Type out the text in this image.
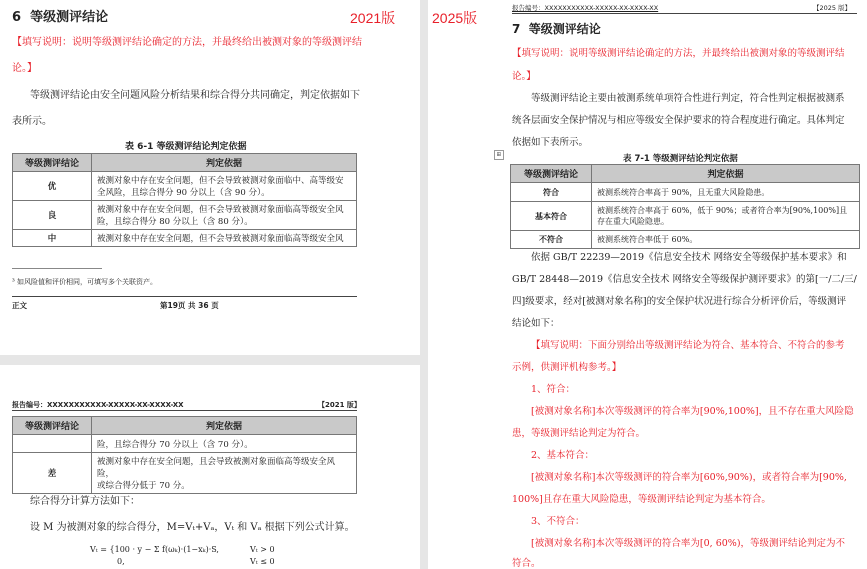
6 等级测评结论	2021版
【填写说明：说明等级测评结论确定的方法，并最终给出被测对象的等级测评结
论。】
等级测评结论由安全问题风险分析结果和综合得分共同确定，判定依据如下
表所示。
表 6-1 等级测评结论判定依据
等级测评结论	判定依据
优	被测对象中存在安全问题，但不会导致被测对象面临中、高等级安
全风险，且综合得分 90 分以上（含 90 分）。

良	被测对象中存在安全问题，但不会导致被测对象面临高等级安全风
险，且综合得分 80 分以上（含 80 分）。

中	被测对象中存在安全问题，但不会导致被测对象面临高等级安全风
³ 如风险值和评价相同，可填写多个关联资产。
正文	第19页 共 36 页
报告编号：XXXXXXXXXXX-XXXXX-XX-XXXX-XX	【2021 版】
等级测评结论	判定依据
	险，且综合得分 70 分以上（含 70 分）。
差	被测对象中存在安全问题，且会导致被测对象面临高等级安全风险，
或综合得分低于 70 分。
综合得分计算方法如下：
设 M 为被测对象的综合得分，M=Vₜ+Vₐ，Vₜ 和 Vₐ 根据下列公式计算。
Vₜ = {100 · y − Σ f(ωₖ)·(1−xₖ)·S,
0,
Vₜ > 0
Vₜ ≤ 0
2025版
报告编号：XXXXXXXXXXX-XXXXX-XX-XXXX-XX	【2025 版】
7 等级测评结论
【填写说明：说明等级测评结论确定的方法，并最终给出被测对象的等级测评结
论。】
等级测评结论主要由被测系统单项符合性进行判定，符合性判定根据被测系
统各层面安全保护情况与相应等级安全保护要求的符合程度进行确定。具体判定
依据如下表所示。
⊞	表 7-1 等级测评结论判定依据
等级测评结论	判定依据
符合	被测系统符合率高于 90%，且无重大风险隐患。
基本符合	被测系统符合率高于 60%，低于 90%；或者符合率为[90%,100%]且
存在重大风险隐患。

不符合	被测系统符合率低于 60%。
依据 GB/T 22239—2019《信息安全技术 网络安全等级保护基本要求》和
GB/T 28448—2019《信息安全技术 网络安全等级保护测评要求》的第[一/二/三/
四]级要求，经对[被测对象名称]的安全保护状况进行综合分析评价后，等级测评
结论如下：
【填写说明：下面分别给出等级测评结论为符合、基本符合、不符合的参考
示例，供测评机构参考。】
1、符合：
[被测对象名称]本次等级测评的符合率为[90%,100%]，且不存在重大风险隐
患，等级测评结论判定为符合。
2、基本符合：
[被测对象名称]本次等级测评的符合率为[60%,90%)，或者符合率为[90%,
100%]且存在重大风险隐患，等级测评结论判定为基本符合。
3、不符合：
[被测对象名称]本次等级测评的符合率为[0, 60%)，等级测评结论判定为不
符合。
